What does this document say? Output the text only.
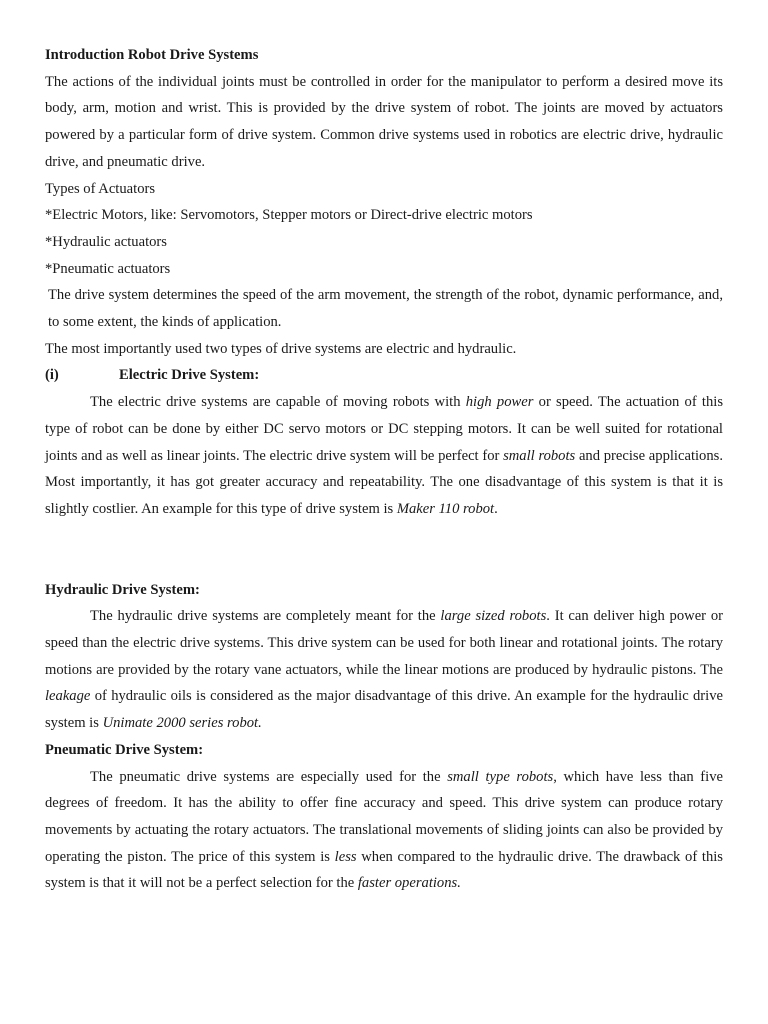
Introduction Robot Drive Systems

The actions of the individual joints must be controlled in order for the manipulator to perform a desired move its body, arm, motion and wrist. This is provided by the drive system of robot. The joints are moved by actuators powered by a particular form of drive system. Common drive systems used in robotics are electric drive, hydraulic drive, and pneumatic drive.

Types of Actuators

*Electric Motors, like: Servomotors, Stepper motors or Direct-drive electric motors

*Hydraulic actuators

*Pneumatic actuators

The drive system determines the speed of the arm movement, the strength of the robot, dynamic performance, and, to some extent, the kinds of application.

The most importantly used two types of drive systems are electric and hydraulic.

(i)	Electric Drive System:

The electric drive systems are capable of moving robots with high power or speed. The actuation of this type of robot can be done by either DC servo motors or DC stepping motors. It can be well suited for rotational joints and as well as linear joints. The electric drive system will be perfect for small robots and precise applications. Most importantly, it has got greater accuracy and repeatability. The one disadvantage of this system is that it is slightly costlier. An example for this type of drive system is Maker 110 robot.

Hydraulic Drive System:

The hydraulic drive systems are completely meant for the large sized robots. It can deliver high power or speed than the electric drive systems. This drive system can be used for both linear and rotational joints. The rotary motions are provided by the rotary vane actuators, while the linear motions are produced by hydraulic pistons. The leakage of hydraulic oils is considered as the major disadvantage of this drive. An example for the hydraulic drive system is Unimate 2000 series robot.

Pneumatic Drive System:

The pneumatic drive systems are especially used for the small type robots, which have less than five degrees of freedom. It has the ability to offer fine accuracy and speed. This drive system can produce rotary movements by actuating the rotary actuators. The translational movements of sliding joints can also be provided by operating the piston. The price of this system is less when compared to the hydraulic drive. The drawback of this system is that it will not be a perfect selection for the faster operations.
